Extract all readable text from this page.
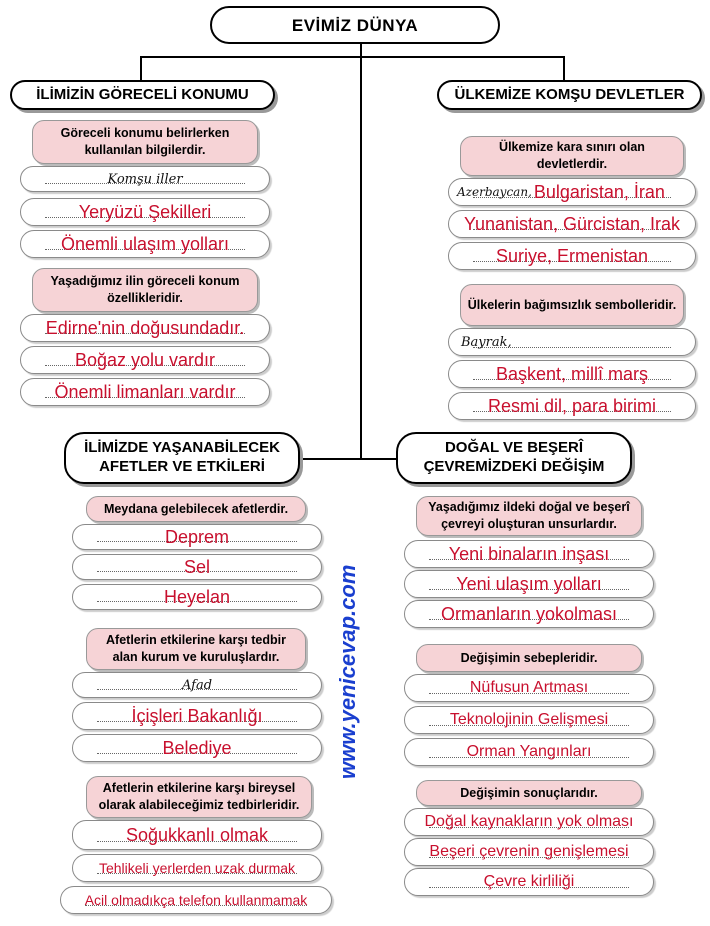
EVİMİZ DÜNYA
İLİMİZİN GÖRECELİ KONUMU
Göreceli konumu belirlerken kullanılan bilgilerdir.
Komşu iller
Yeryüzü Şekilleri
Önemli ulaşım yolları
Yaşadığımız ilin göreceli konum özellikleridir.
Edirne'nin doğusundadır.
Boğaz yolu vardır
Önemli limanları vardır
ÜLKEMİZE KOMŞU DEVLETLER
Ülkemize kara sınırı olan devletlerdir.
Azerbaycan, Bulgaristan, İran
Yunanistan, Gürcistan, Irak
Suriye, Ermenistan
Ülkelerin bağımsızlık sembolleridir.
Bayrak,
Başkent, millî marş
Resmi dil, para birimi
İLİMİZDE YAŞANABİLECEK AFETLER VE ETKİLERİ
Meydana gelebilecek afetlerdir.
Deprem
Sel
Heyelan
Afetlerin etkilerine karşı tedbir alan kurum ve kuruluşlardır.
Afad
İçişleri Bakanlığı
Belediye
Afetlerin etkilerine karşı bireysel olarak alabileceğimiz tedbirleridir.
Soğukkanlı olmak
Tehlikeli yerlerden uzak durmak
Acil olmadıkça telefon kullanmamak
DOĞAL VE BEŞERÎ ÇEVREMİZDEKİ DEĞİŞİM
Yaşadığımız ildeki doğal ve beşerî çevreyi oluşturan unsurlardır.
Yeni binaların inşası
Yeni ulaşım yolları
Ormanların yokolması
Değişimin sebepleridir.
Nüfusun Artması
Teknolojinin Gelişmesi
Orman Yangınları
Değişimin sonuçlarıdır.
Doğal kaynakların yok olması
Beşeri çevrenin genişlemesi
Çevre kirliliği
www.yenicevap.com
